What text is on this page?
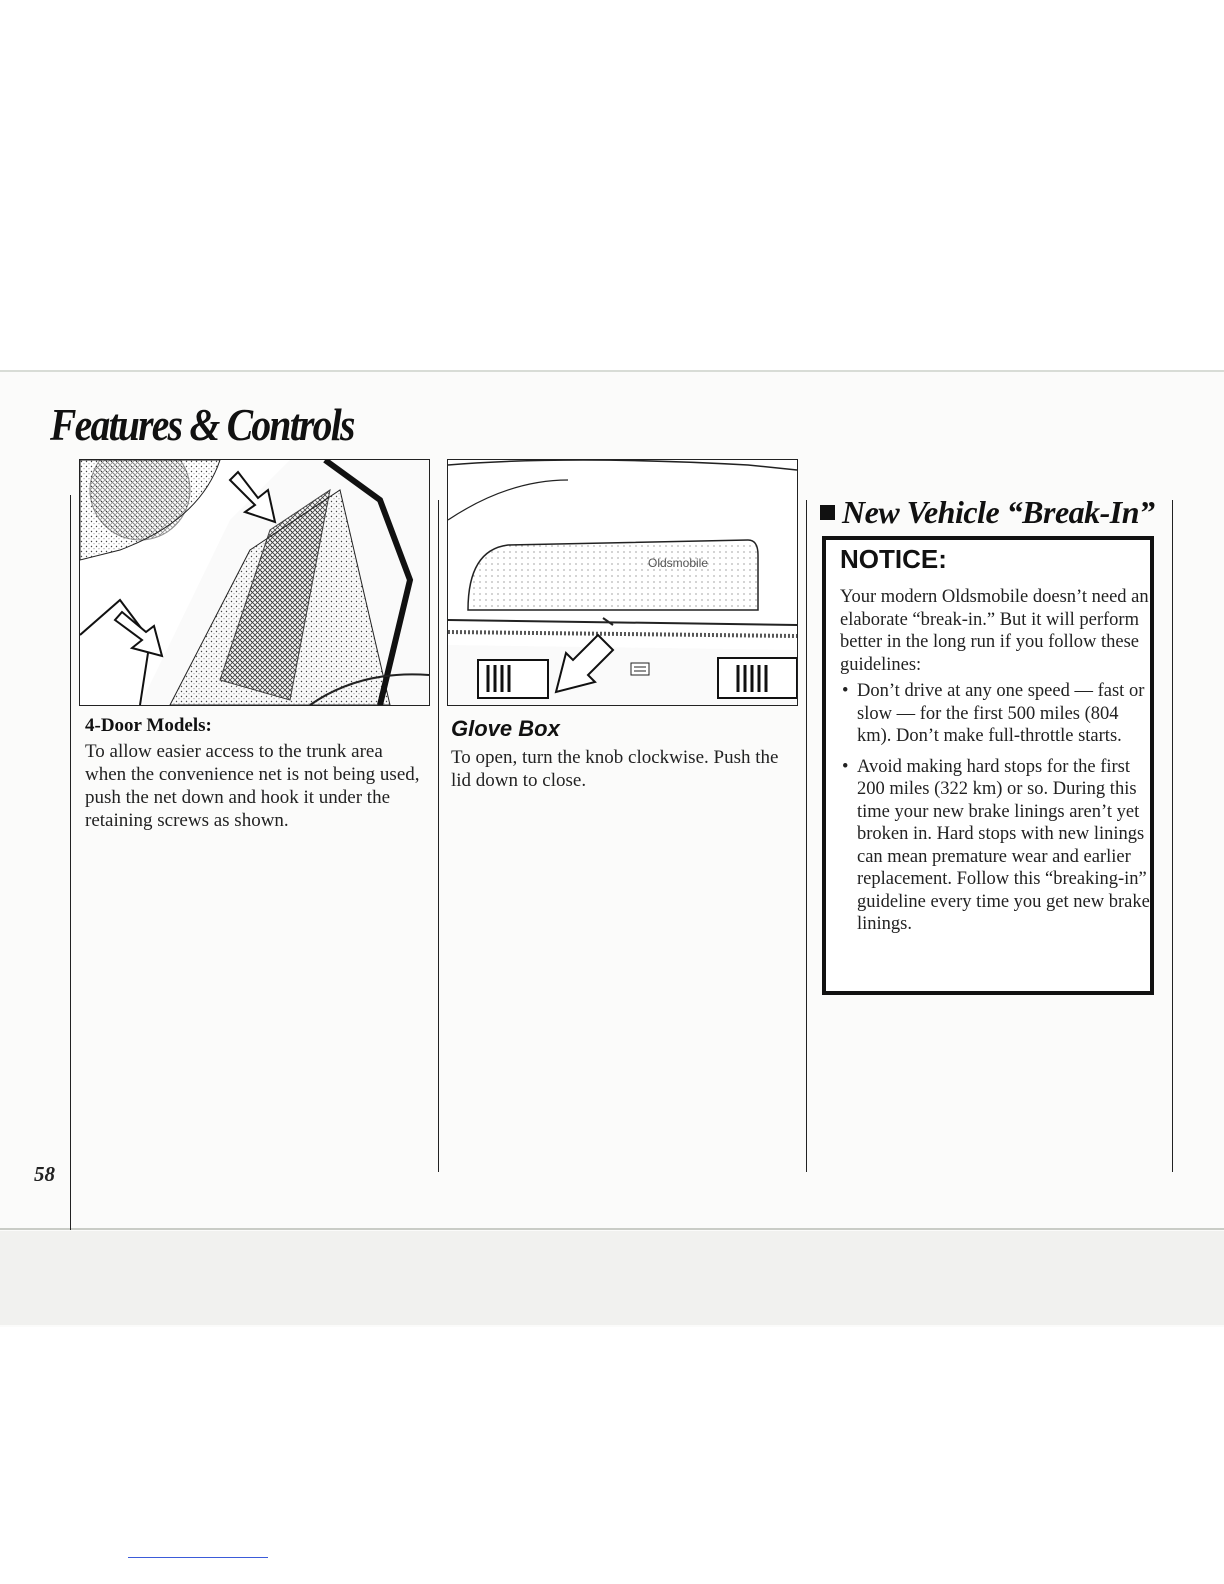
Features & Controls
Oldsmobile
4-Door Models:

To allow easier access to the trunk area when the convenience net is not being used, push the net down and hook it under the retaining screws as shown.

Glove Box

To open, turn the knob clockwise. Push the lid down to close.

New Vehicle “Break-In”
NOTICE:

Your modern Oldsmobile doesn’t need an elaborate “break-in.” But it will perform better in the long run if you follow these guidelines:

• Don’t drive at any one speed — fast or slow — for the first 500 miles (804 km). Don’t make full-throttle starts.
• Avoid making hard stops for the first 200 miles (322 km) or so. During this time your new brake linings aren’t yet broken in. Hard stops with new linings can mean premature wear and earlier replacement. Follow this “breaking-in” guideline every time you get new brake linings.

58
